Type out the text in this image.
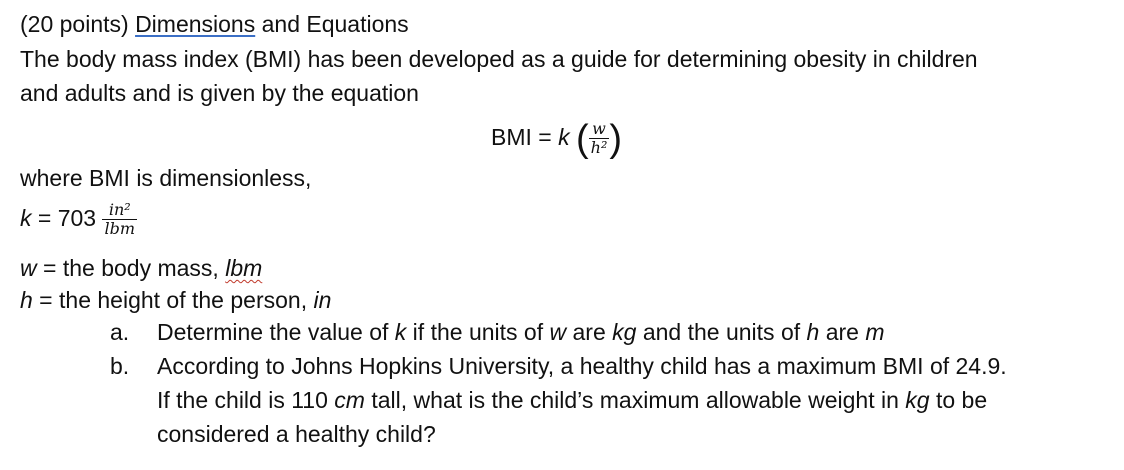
(20 points) Dimensions and Equations
The body mass index (BMI) has been developed as a guide for determining obesity in children
and adults and is given by the equation
BMI = k ( $\frac{w}{\text{h²}}$ )
where BMI is dimensionless,
$k = 703 \frac{\text{in²}}{\text{lbm}}$
w = the body mass, lbm
h = the height of the person, in
a. Determine the value of k if the units of w are kg and the units of h are m
b. According to Johns Hopkins University, a healthy child has a maximum BMI of 24.9.
If the child is 110 cm tall, what is the child’s maximum allowable weight in kg to be
considered a healthy child?
